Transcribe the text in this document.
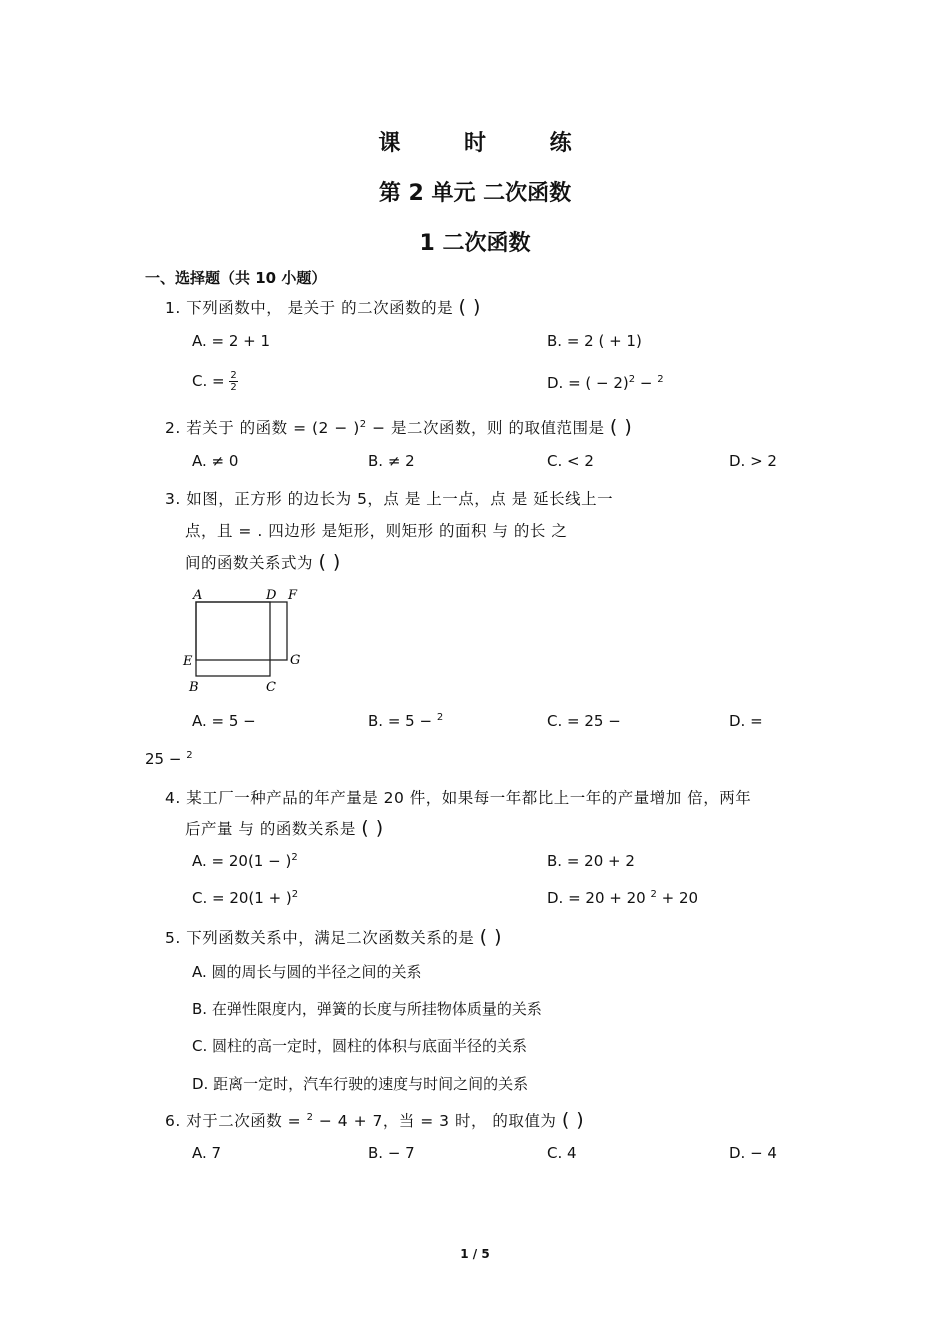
课 时 练
第 2 单元 二次函数
1 二次函数
一、选择题（共 10 小题）
1. 下列函数中， 是关于 的二次函数的是 ( )
A. = 2 + 1	B. = 2 ( + 1)
C. = $\frac{2}{2}$	D. = ( − 2)$^2$ − $^2$
2. 若关于 的函数 = $(2 - )^2$ − 是二次函数，则 的取值范围是 ( )
A. ≠ 0	B. ≠ 2	C. < 2	D. > 2
3. 如图，正方形 的边长为 5，点 是 上一点，点 是 延长线上一
点，且 = . 四边形 是矩形，则矩形 的面积 与 的长 之
间的函数关系式为 ( )
A	D F
E	G
B	C
A. = 5 −	B. = 5 − $^2$	C. = 25 −	D. =
25 − $^2$
4. 某工厂一种产品的年产量是 20 件，如果每一年都比上一年的产量增加 倍，两年
后产量 与 的函数关系是 ( )
A. = $20(1 - )^2$	B. = 20 + 2
C. = $20(1 + )^2$	D. = 20 + 20 $^2$ + 20
5. 下列函数关系中，满足二次函数关系的是 ( )
A. 圆的周长与圆的半径之间的关系
B. 在弹性限度内，弹簧的长度与所挂物体质量的关系
C. 圆柱的高一定时，圆柱的体积与底面半径的关系
D. 距离一定时，汽车行驶的速度与时间之间的关系
6. 对于二次函数 = $^2$ − 4 + 7，当 = 3 时， 的取值为 ( )
A. 7	B. − 7	C. 4	D. − 4
1 / 5
